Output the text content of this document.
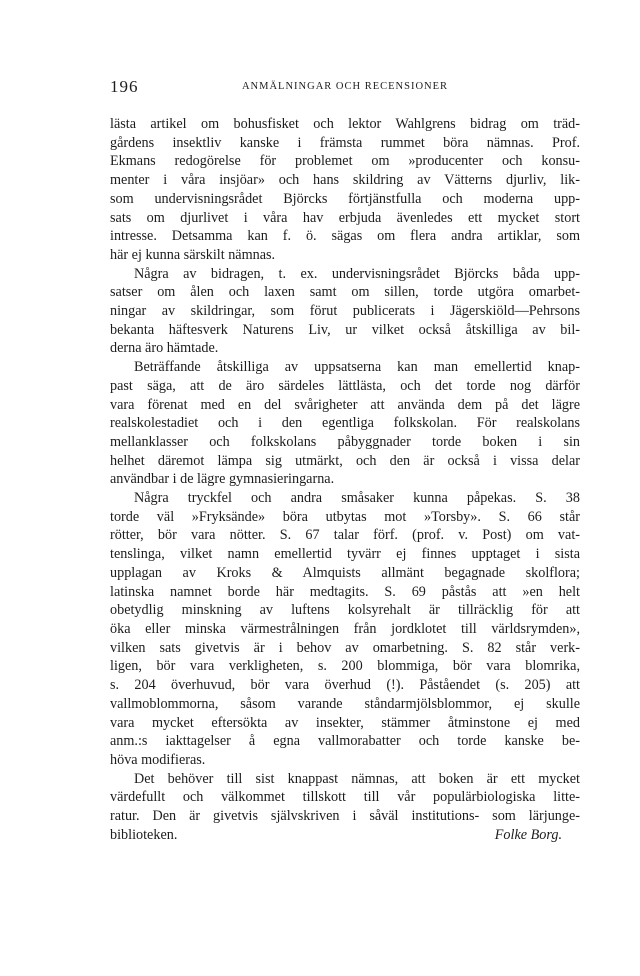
196	ANMÄLNINGAR OCH RECENSIONER

lästa artikel om bohusfisket och lektor Wahlgrens bidrag om träd-
gårdens insektliv kanske i främsta rummet böra nämnas. Prof.
Ekmans redogörelse för problemet om »producenter och konsu-
menter i våra insjöar» och hans skildring av Vätterns djurliv, lik-
som undervisningsrådet Björcks förtjänstfulla och moderna upp-
sats om djurlivet i våra hav erbjuda ävenledes ett mycket stort
intresse. Detsamma kan f. ö. sägas om flera andra artiklar, som
här ej kunna särskilt nämnas.

Några av bidragen, t. ex. undervisningsrådet Björcks båda upp-
satser om ålen och laxen samt om sillen, torde utgöra omarbet-
ningar av skildringar, som förut publicerats i Jägerskiöld—Pehrsons
bekanta häftesverk Naturens Liv, ur vilket också åtskilliga av bil-
derna äro hämtade.

Beträffande åtskilliga av uppsatserna kan man emellertid knap-
past säga, att de äro särdeles lättlästa, och det torde nog därför
vara förenat med en del svårigheter att använda dem på det lägre
realskolestadiet och i den egentliga folkskolan. För realskolans
mellanklasser och folkskolans påbyggnader torde boken i sin
helhet däremot lämpa sig utmärkt, och den är också i vissa delar
användbar i de lägre gymnasieringarna.

Några tryckfel och andra småsaker kunna påpekas. S. 38
torde väl »Fryksände» böra utbytas mot »Torsby». S. 66 står
rötter, bör vara nötter. S. 67 talar förf. (prof. v. Post) om vat-
tenslinga, vilket namn emellertid tyvärr ej finnes upptaget i sista
upplagan av Kroks & Almquists allmänt begagnade skolflora;
latinska namnet borde här medtagits. S. 69 påstås att »en helt
obetydlig minskning av luftens kolsyrehalt är tillräcklig för att
öka eller minska värmestrålningen från jordklotet till världsrymden»,
vilken sats givetvis är i behov av omarbetning. S. 82 står verk-
ligen, bör vara verkligheten, s. 200 blommiga, bör vara blomrika,
s. 204 överhuvud, bör vara överhud (!). Påståendet (s. 205) att
vallmoblommorna, såsom varande ståndarmjölsblommor, ej skulle
vara mycket eftersökta av insekter, stämmer åtminstone ej med
anm.:s iakttagelser å egna vallmorabatter och torde kanske be-
höva modifieras.

Det behöver till sist knappast nämnas, att boken är ett mycket
värdefullt och välkommet tillskott till vår populärbiologiska litte-
ratur. Den är givetvis självskriven i såväl institutions- som lärjunge-
biblioteken.	Folke Borg.
